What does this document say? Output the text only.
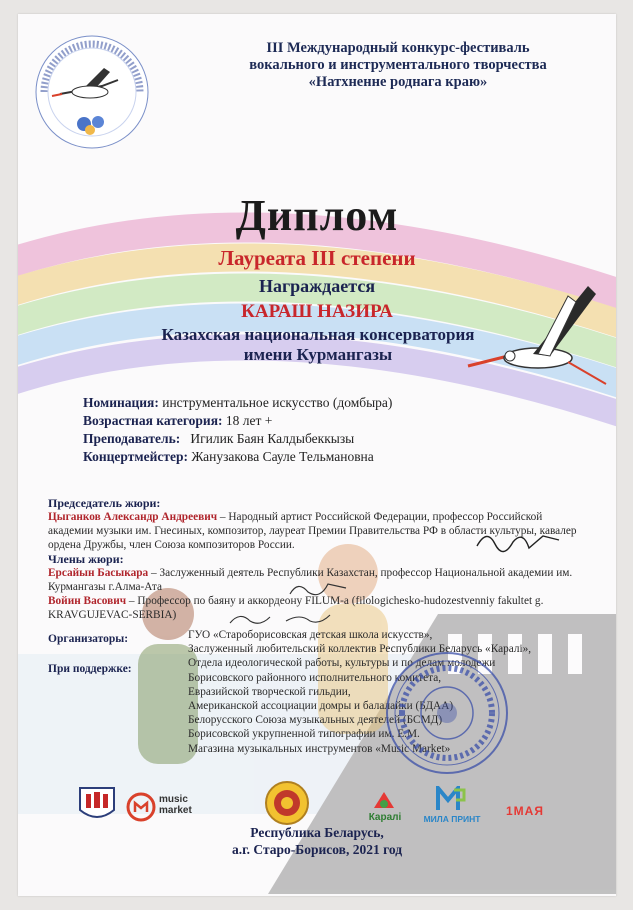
III Международный конкурс-фестиваль
вокального и инструментального творчества
«Натхненне роднага краю»
Диплом
Лауреата III степени
Награждается
КАРАШ НАЗИРА
Казахская национальная консерватория
имени Курмангазы
Номинация: инструментальное искусство (домбыра)
Возрастная категория: 18 лет +
Преподаватель: Игилик Баян Калдыбеккызы
Концертмейстер: Жанузакова Сауле Тельмановна
Председатель жюри:
Цыганков Александр Андреевич – Народный артист Российской Федерации, профессор Российской академии музыки им. Гнесиных, композитор, лауреат Премии Правительства РФ в области культуры, кавалер ордена Дружбы, член Союза композиторов России.
Члены жюри:
Ерсайын Басыкара – Заслуженный деятель Республики Казахстан, профессор Национальной академии им. Курмангазы г.Алма-Ата
Войин Васович – Профессор по баяну и аккордеону FILUM-a (filologichesko-hudozestvenniy fakultet g. KRAVGUJEVAC-SERBIA)
Организаторы:
При поддержке:
ГУО «Староборисовская детская школа искусств»,
Заслуженный любительский коллектив Республики Беларусь «Каралі»,
Отдела идеологической работы, культуры и по делам молодежи
Борисовского районного исполнительного комитета,
Евразийской творческой гильдии,
Американской ассоциации домры и балалайки (БДАА)
Белорусского Союза музыкальных деятелей (БСМД)
Борисовской укрупненной типографии им. Е.М.
Магазина музыкальных инструментов «Music Market»
music
market
Каралі	МИЛА ПРИНТ
1МАЯ
Республика Беларусь,
а.г. Старо-Борисов, 2021 год
